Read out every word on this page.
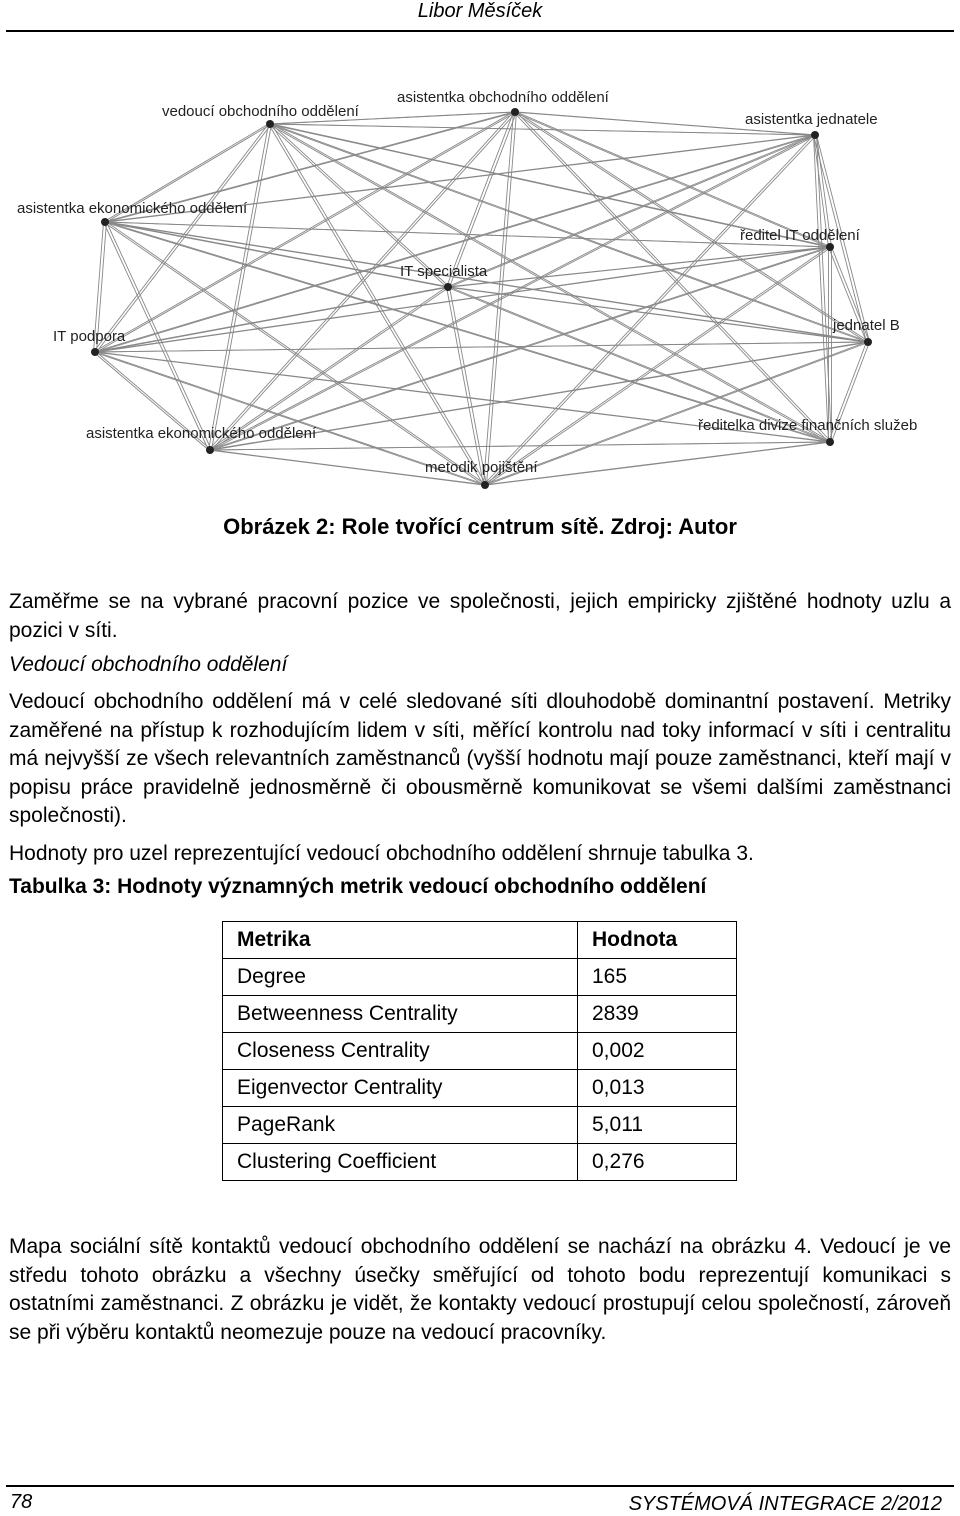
Libor Měsíček
vedoucí obchodního oddělení
asistentka obchodního oddělení
asistentka jednatele
asistentka ekonomického oddělení
ředitel IT oddělení
IT specialista
IT podpora
jednatel B
asistentka ekonomického oddělení	ředitelka divize finančních služeb
metodik pojištění
Obrázek 2: Role tvořící centrum sítě. Zdroj: Autor

Zaměřme se na vybrané pracovní pozice ve společnosti, jejich empiricky zjištěné hodnoty uzlu a pozici v síti.

Vedoucí obchodního oddělení

Vedoucí obchodního oddělení má v celé sledované síti dlouhodobě dominantní postavení. Metriky zaměřené na přístup k rozhodujícím lidem v síti, měřící kontrolu nad toky informací v síti i centralitu má nejvyšší ze všech relevantních zaměstnanců (vyšší hodnotu mají pouze zaměstnanci, kteří mají v popisu práce pravidelně jednosměrně či obousměrně komunikovat se všemi dalšími zaměstnanci společnosti).

Hodnoty pro uzel reprezentující vedoucí obchodního oddělení shrnuje tabulka 3.

Tabulka 3: Hodnoty významných metrik vedoucí obchodního oddělení
Metrika	Hodnota
Degree	165
Betweenness Centrality	2839
Closeness Centrality	0,002
Eigenvector Centrality	0,013
PageRank	5,011
Clustering Coefficient	0,276

Mapa sociální sítě kontaktů vedoucí obchodního oddělení se nachází na obrázku 4. Vedoucí je ve středu tohoto obrázku a všechny úsečky směřující od tohoto bodu reprezentují komunikaci s ostatními zaměstnanci. Z obrázku je vidět, že kontakty vedoucí prostupují celou společností, zároveň se při výběru kontaktů neomezuje pouze na vedoucí pracovníky.

78	SYSTÉMOVÁ INTEGRACE 2/2012
